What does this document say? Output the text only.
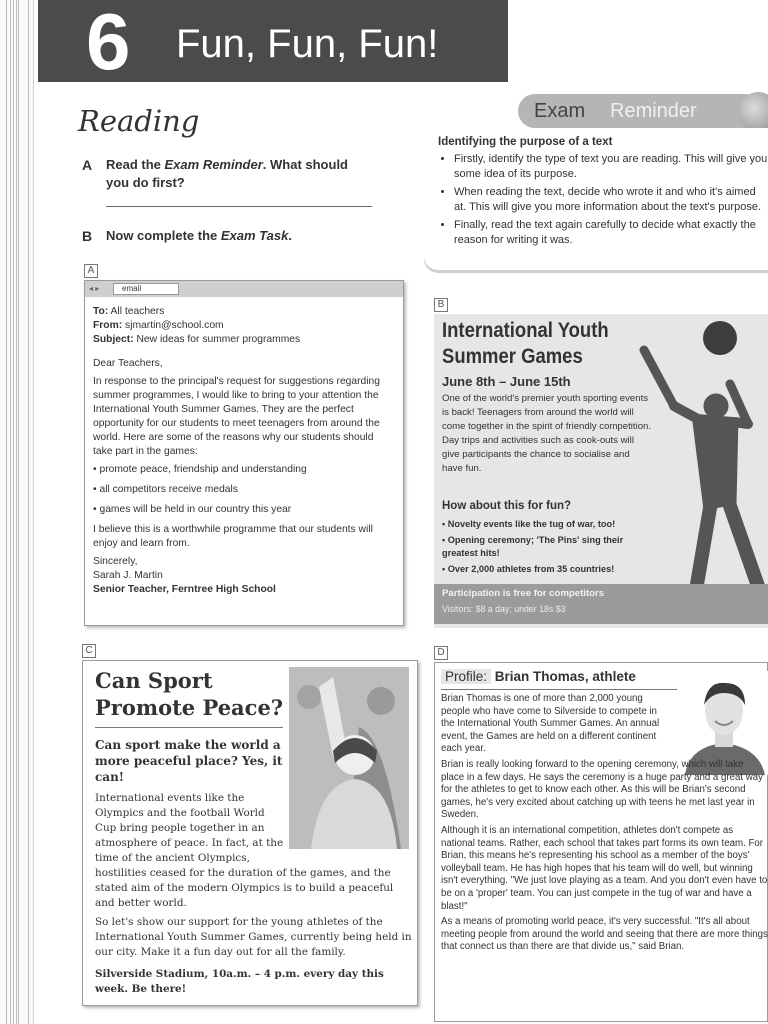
6 Fun, Fun, Fun!
Reading
A Read the Exam Reminder. What should you do first?
B Now complete the Exam Task.
Exam Reminder
Identifying the purpose of a text
• Firstly, identify the type of text you are reading. This will give you some idea of its purpose.
• When reading the text, decide who wrote it and who it's aimed at. This will give you more information about the text's purpose.
• Finally, read the text again carefully to decide what exactly the reason for writing it was.
A
B
C	D
◂ ▸	email

To: All teachers
From: sjmartin@school.com
Subject: New ideas for summer programmes

Dear Teachers,

In response to the principal's request for suggestions regarding summer programmes, I would like to bring to your attention the International Youth Summer Games. They are the perfect opportunity for our students to meet teenagers from around the world. Here are some of the reasons why our students should take part in the games:

• promote peace, friendship and understanding
• all competitors receive medals
• games will be held in our country this year

I believe this is a worthwhile programme that our students will enjoy and learn from.

Sincerely,
Sarah J. Martin
Senior Teacher, Ferntree High School

International Youth Summer Games
June 8th – June 15th
One of the world's premier youth sporting events is back! Teenagers from around the world will come together in the spirit of friendly competition. Day trips and activities such as cook-outs will give participants the chance to socialise and have fun.
How about this for fun?
• Novelty events like the tug of war, too!
• Opening ceremony; 'The Pins' sing their greatest hits!
• Over 2,000 athletes from 35 countries!
Participation is free for competitors
Visitors: $8 a day; under 18s $3
Can Sport Promote Peace?
Can sport make the world a more peaceful place? Yes, it can!
International events like the Olympics and the football World Cup bring people together in an atmosphere of peace. In fact, at the time of the ancient Olympics,
hostilities ceased for the duration of the games, and the stated aim of the modern Olympics is to build a peaceful and better world.
So let's show our support for the young athletes of the International Youth Summer Games, currently being held in our city. Make it a fun day out for all the family.
Silverside Stadium, 10a.m. – 4 p.m. every day this week. Be there!
Profile: Brian Thomas, athlete

Brian Thomas is one of more than 2,000 young people who have come to Silverside to compete in the International Youth Summer Games. An annual event, the Games are held on a different continent each year.

Brian is really looking forward to the opening ceremony, which will take place in a few days. He says the ceremony is a huge party and a great way for the athletes to get to know each other. As this will be Brian's second games, he's very excited about catching up with teens he met last year in Sweden.

Although it is an international competition, athletes don't compete as national teams. Rather, each school that takes part forms its own team. For Brian, this means he's representing his school as a member of the boys' volleyball team. He has high hopes that his team will do well, but winning isn't everything. "We just love playing as a team. And you don't even have to be on a 'proper' team. You can just compete in the tug of war and have a blast!"

As a means of promoting world peace, it's very successful. "It's all about meeting people from around the world and seeing that there are more things that connect us than there are that divide us," said Brian.
